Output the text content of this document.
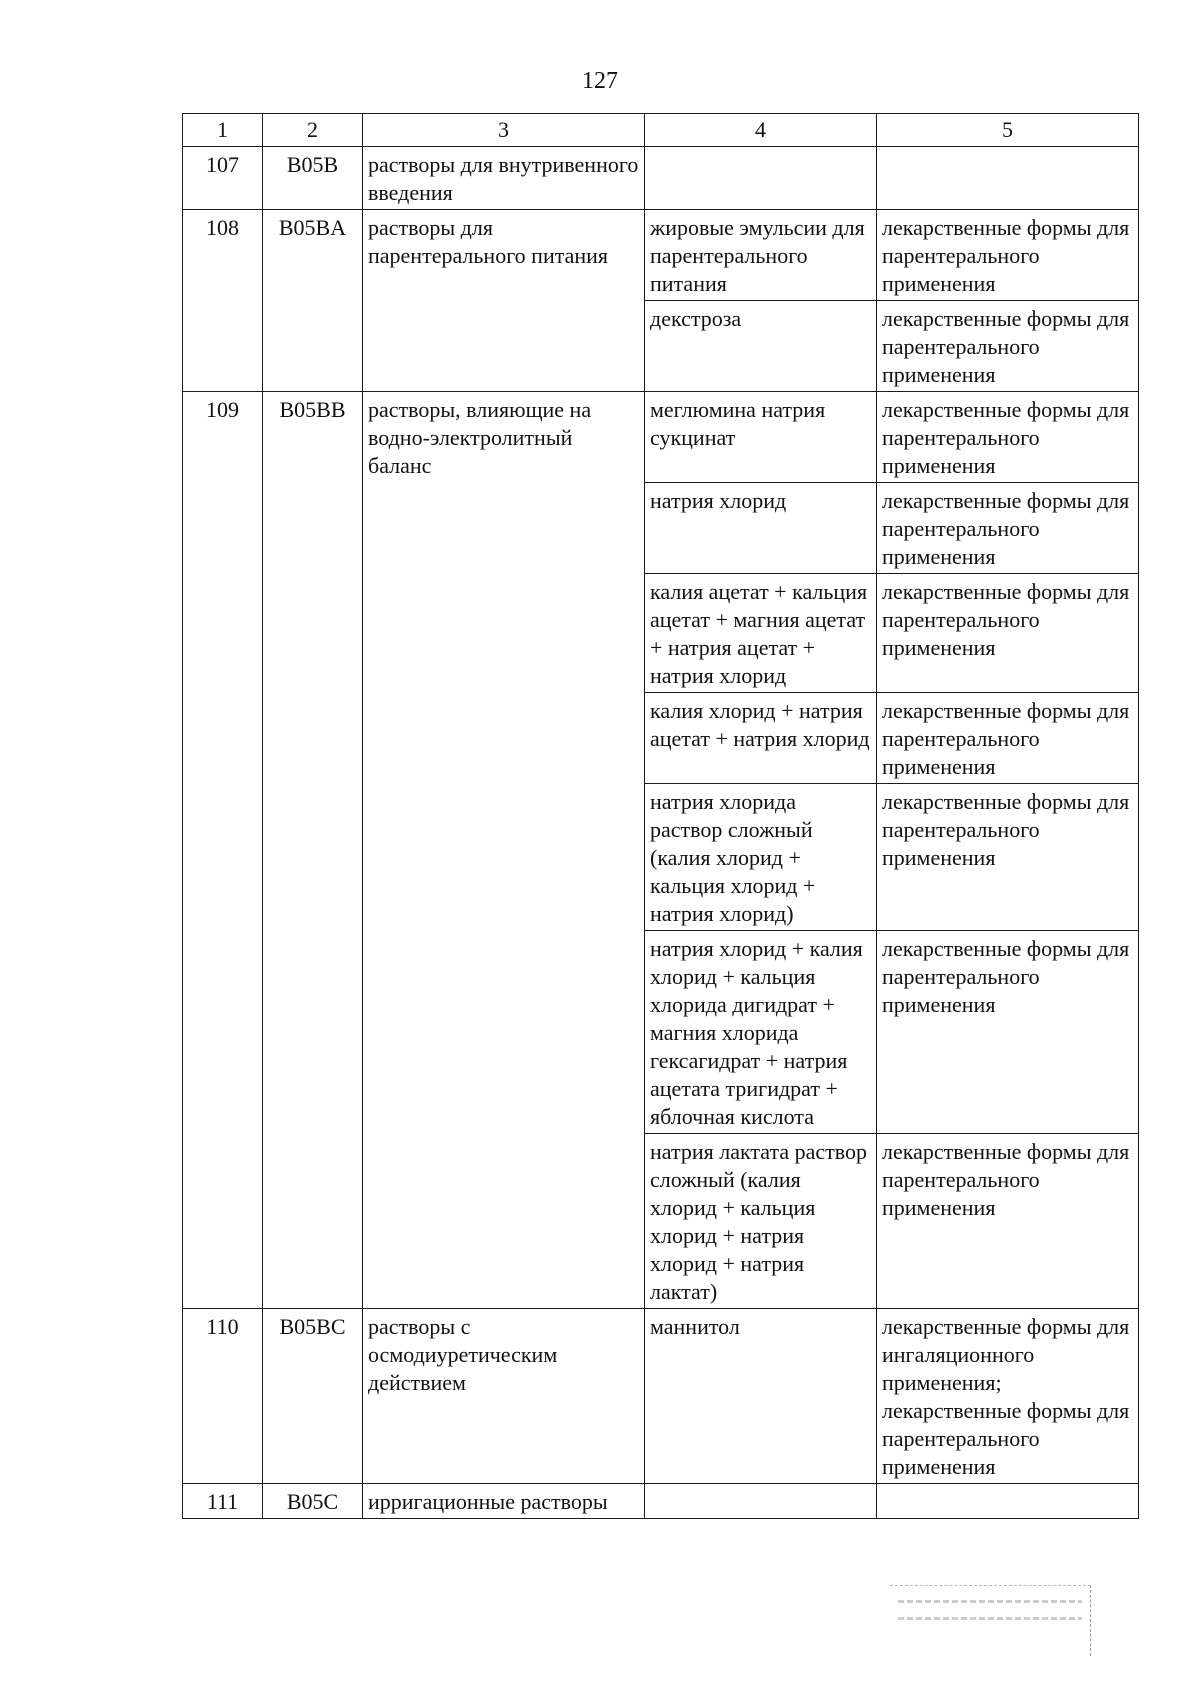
127
1	2	3	4	5
107	B05B	растворы для внутривенного введения		
108	B05BA	растворы для парентерального питания	жировые эмульсии для парентерального питания	лекарственные формы для парентерального применения
			декстроза	лекарственные формы для парентерального применения
109	B05BB	растворы, влияющие на водно-электролитный баланс	меглюмина натрия сукцинат	лекарственные формы для парентерального применения
			натрия хлорид	лекарственные формы для парентерального применения
			калия ацетат + кальция ацетат + магния ацетат + натрия ацетат + натрия хлорид	лекарственные формы для парентерального применения
			калия хлорид + натрия ацетат + натрия хлорид	лекарственные формы для парентерального применения
			натрия хлорида раствор сложный (калия хлорид + кальция хлорид + натрия хлорид)	лекарственные формы для парентерального применения
			натрия хлорид + калия хлорид + кальция хлорида дигидрат + магния хлорида гексагидрат + натрия ацетата тригидрат + яблочная кислота	лекарственные формы для парентерального применения
			натрия лактата раствор сложный (калия хлорид + кальция хлорид + натрия хлорид + натрия лактат)	лекарственные формы для парентерального применения
110	B05BC	растворы с осмодиуретическим действием	маннитол	лекарственные формы для ингаляционного применения; лекарственные формы для парентерального применения
111	B05C	ирригационные растворы		
